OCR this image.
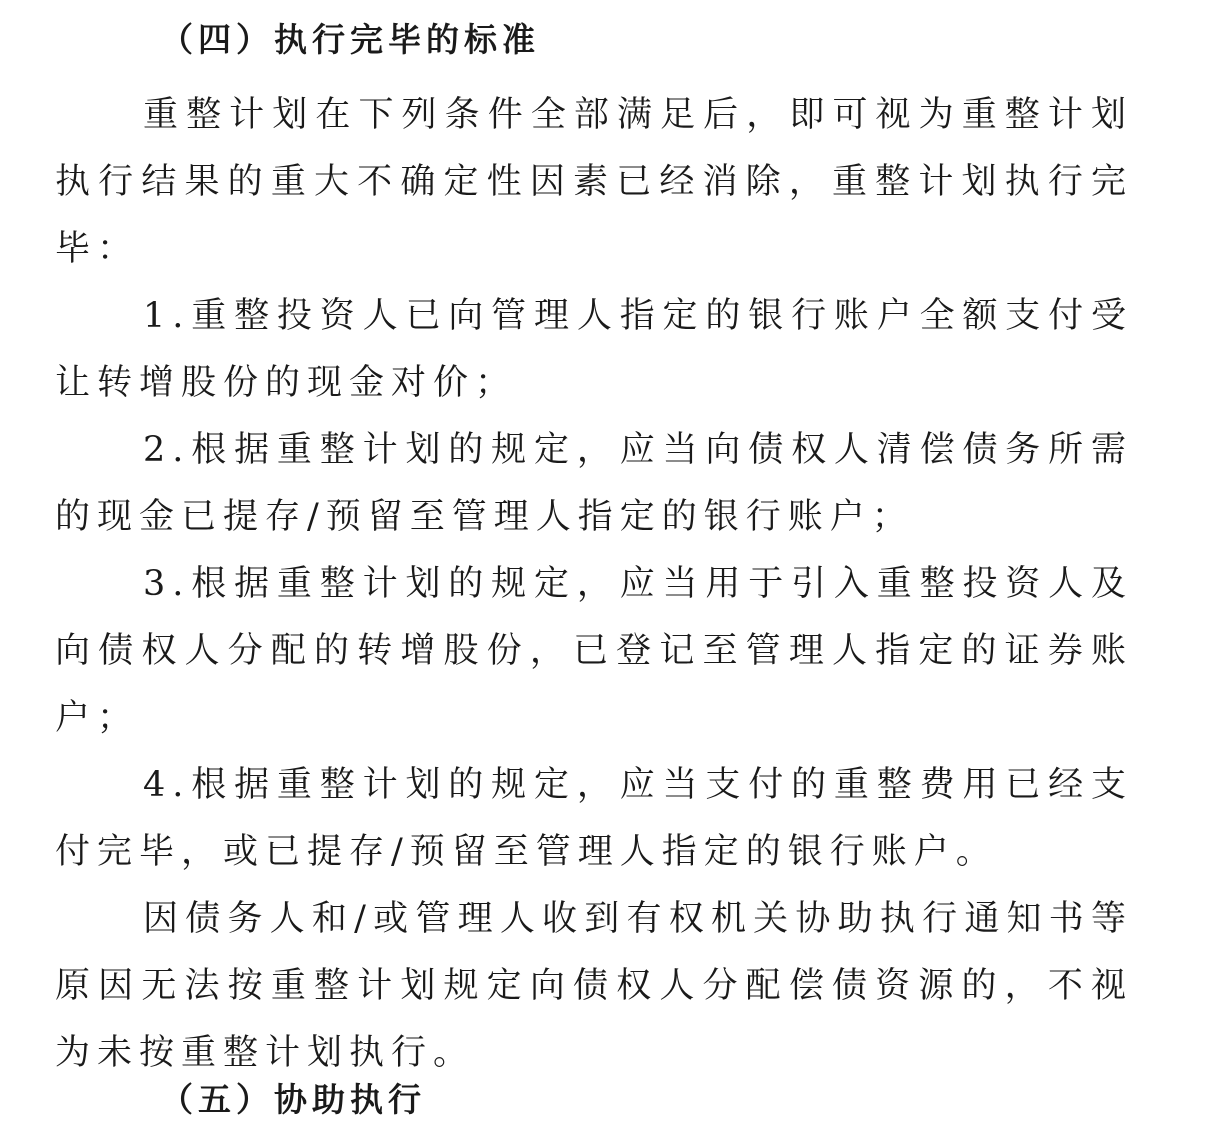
（四）执行完毕的标准

重整计划在下列条件全部满足后，即可视为重整计划执行结果的重大不确定性因素已经消除，重整计划执行完毕：

1.重整投资人已向管理人指定的银行账户全额支付受让转增股份的现金对价；

2.根据重整计划的规定，应当向债权人清偿债务所需的现金已提存/预留至管理人指定的银行账户；

3.根据重整计划的规定，应当用于引入重整投资人及向债权人分配的转增股份，已登记至管理人指定的证券账户；

4.根据重整计划的规定，应当支付的重整费用已经支付完毕，或已提存/预留至管理人指定的银行账户。

因债务人和/或管理人收到有权机关协助执行通知书等原因无法按重整计划规定向债权人分配偿债资源的，不视为未按重整计划执行。

（五）协助执行
